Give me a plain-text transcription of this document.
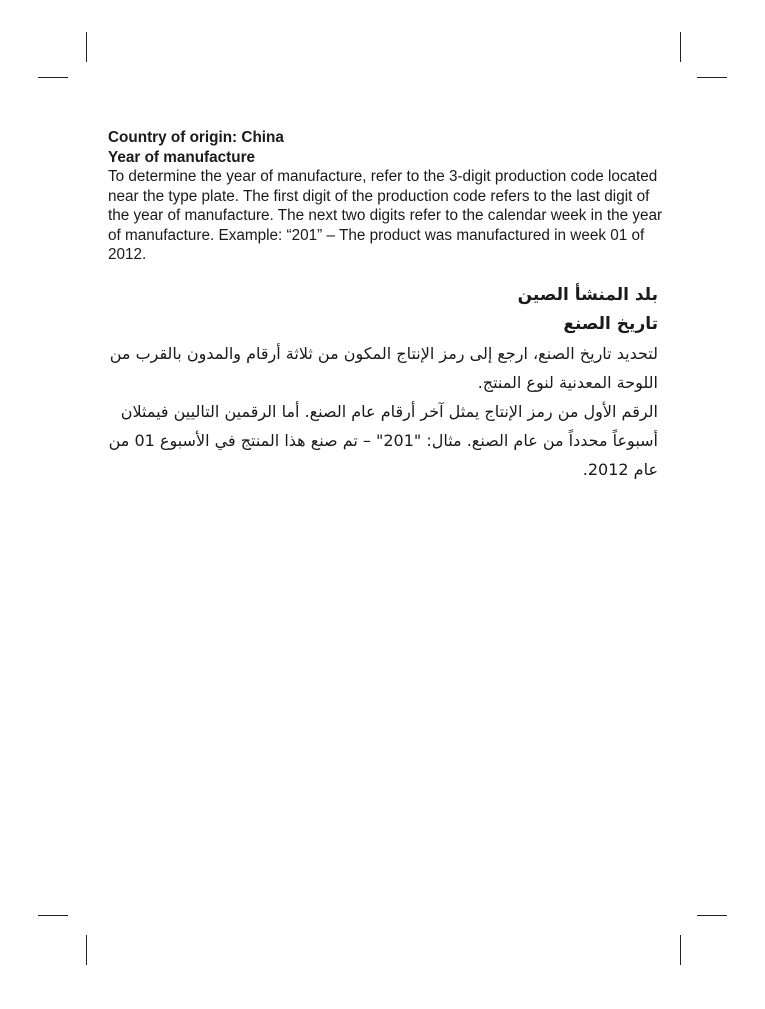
Country of origin: China
Year of manufacture
To determine the year of manufacture, refer to the 3-digit production code located near the type plate. The first digit of the production code refers to the last digit of the year of manufacture. The next two digits refer to the calendar week in the year of manufacture. Example: “201” – The product was manufactured in week 01 of 2012.
بلد المنشأ الصين
تاريخ الصنع
لتحديد تاريخ الصنع، ارجع إلى رمز الإنتاج المكون من ثلاثة أرقام والمدون بالقرب من اللوحة المعدنية لنوع المنتج.
الرقم الأول من رمز الإنتاج يمثل آخر أرقام عام الصنع. أما الرقمين التاليين فيمثلان أسبوعاً محدداً من عام الصنع. مثال: "201" – تم صنع هذا المنتج في الأسبوع 01 من عام 2012.
